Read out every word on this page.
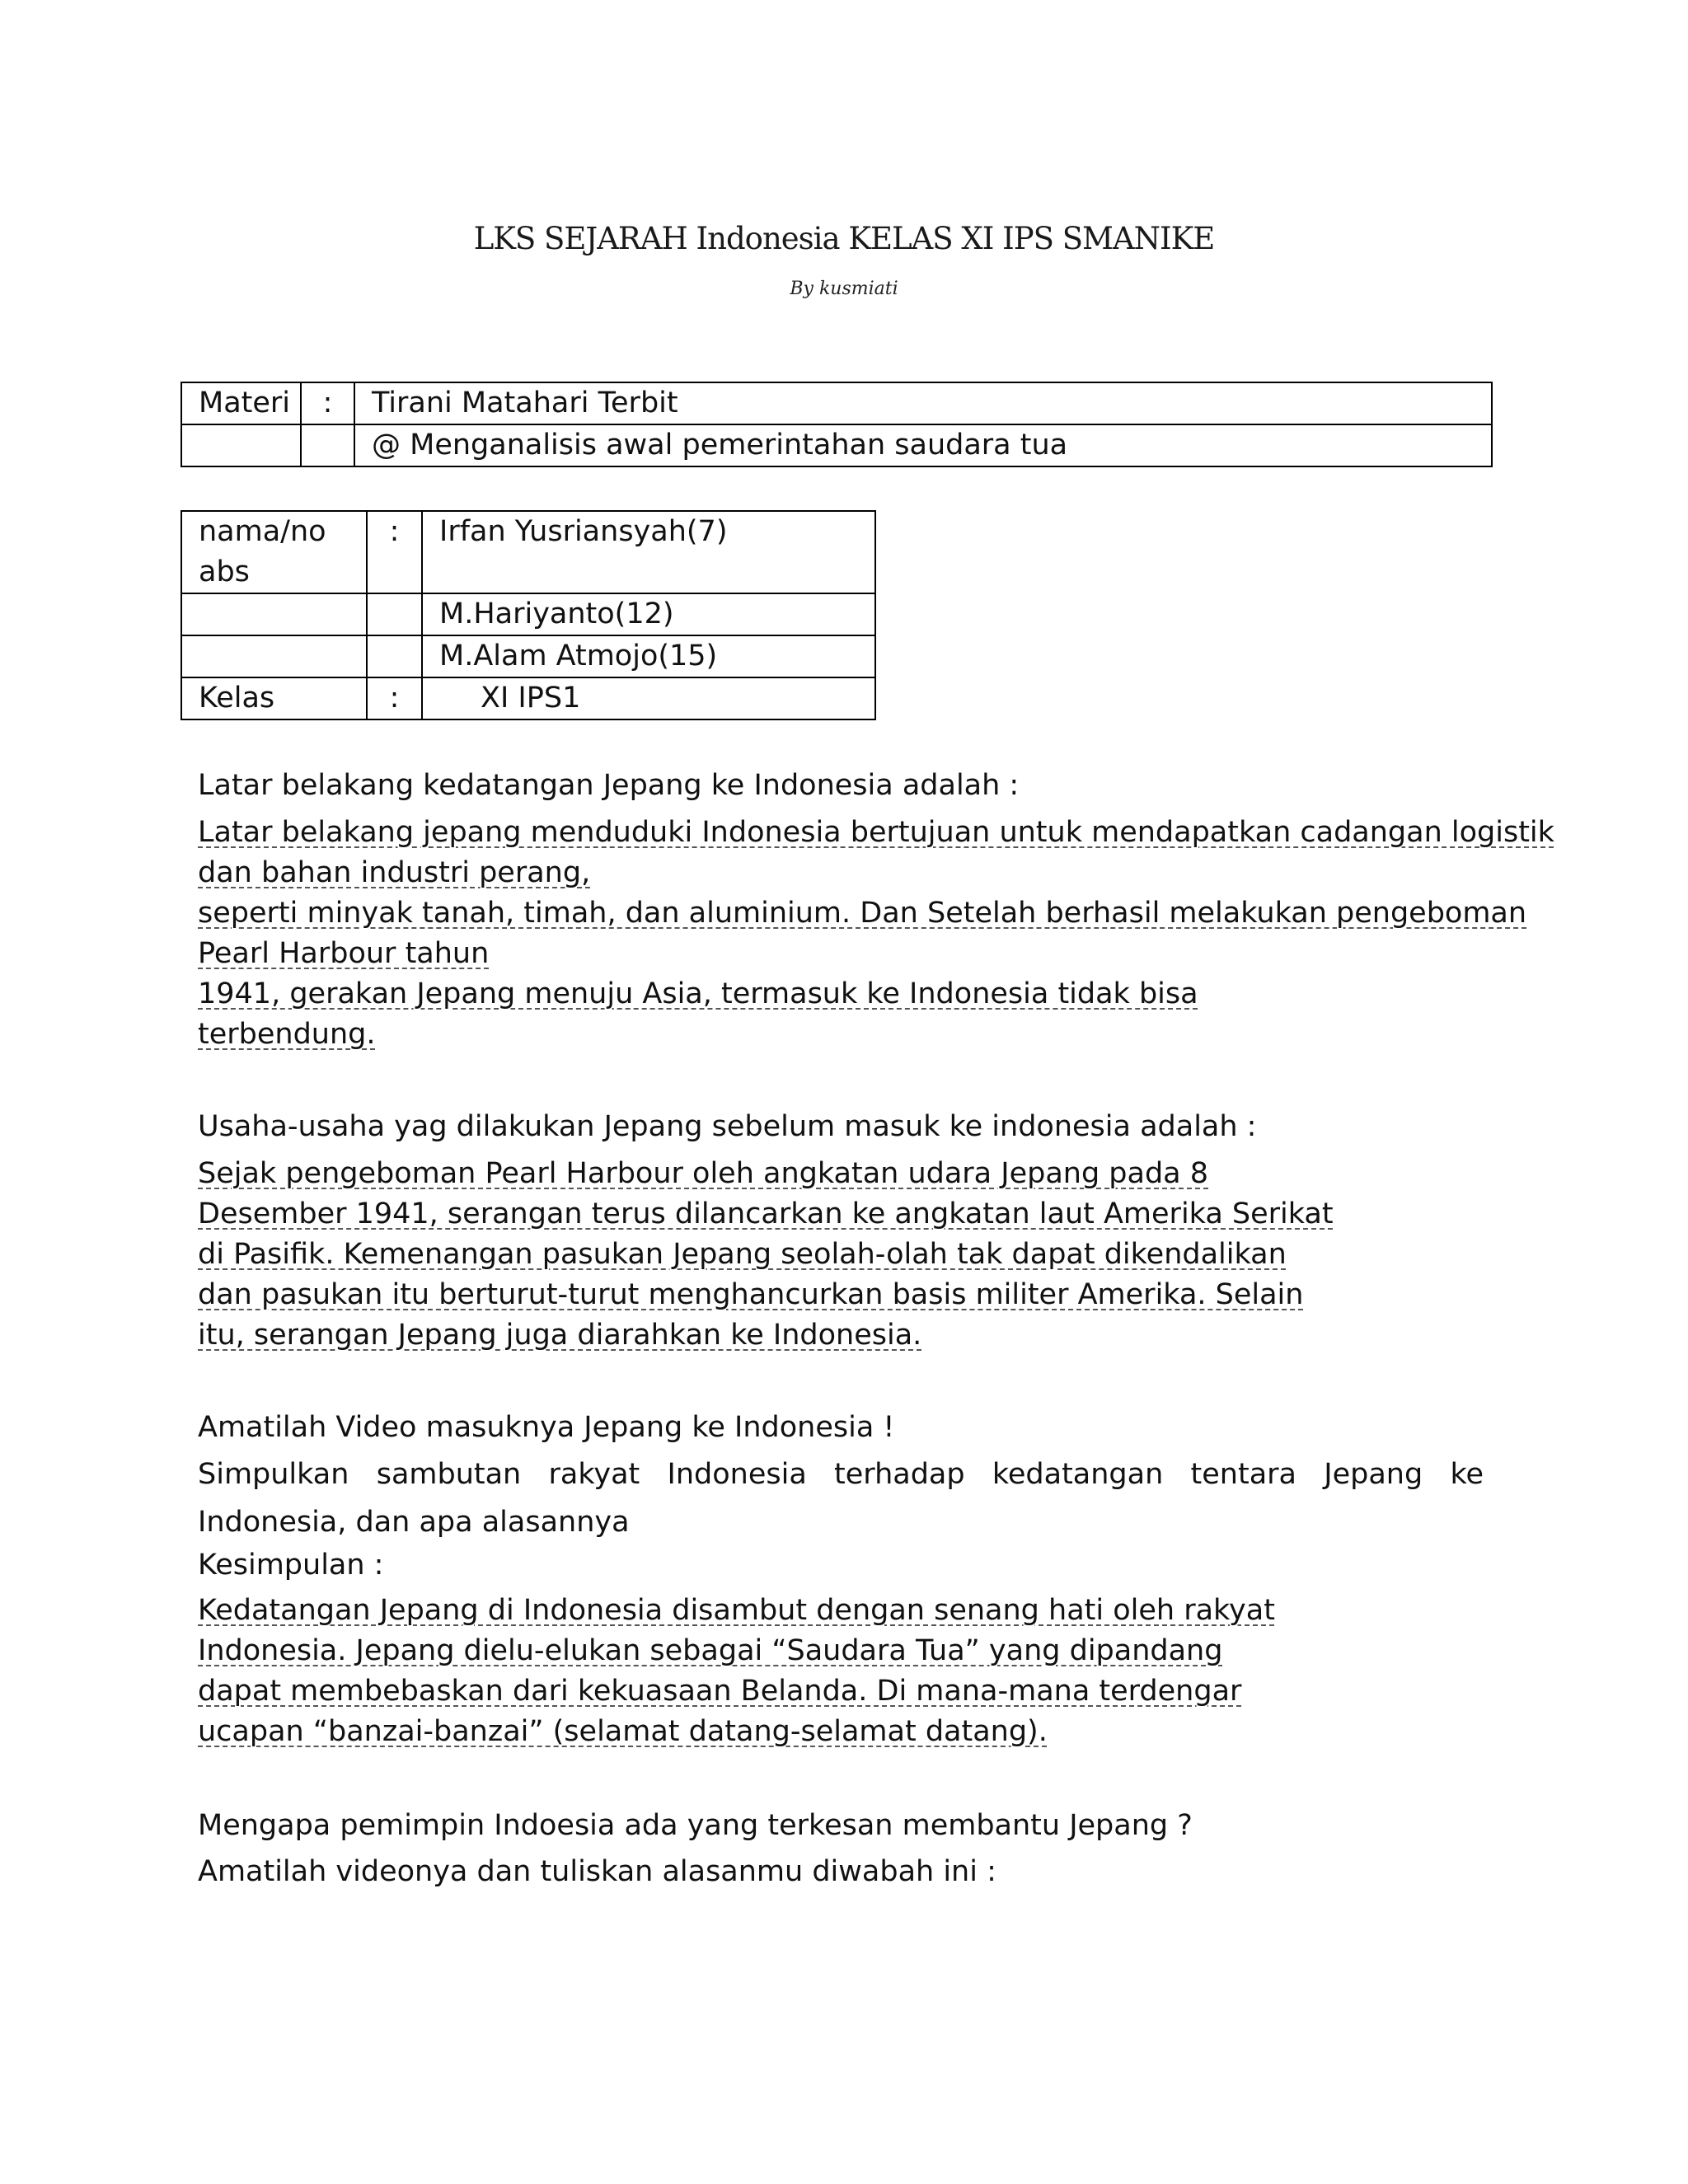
LKS SEJARAH Indonesia KELAS XI IPS SMANIKE
By kusmiati
Materi	:	Tirani Matahari Terbit
		@ Menganalisis awal pemerintahan saudara tua
nama/no abs	:	Irfan Yusriansyah(7)
		M.Hariyanto(12)
		M.Alam Atmojo(15)
Kelas	:	XI IPS1
Latar belakang kedatangan Jepang ke Indonesia adalah :
Latar belakang jepang menduduki Indonesia bertujuan untuk mendapatkan cadangan logistik
dan bahan industri perang,
seperti minyak tanah, timah, dan aluminium. Dan Setelah berhasil melakukan pengeboman
Pearl Harbour tahun
1941, gerakan Jepang menuju Asia, termasuk ke Indonesia tidak bisa
terbendung.
Usaha-usaha yag dilakukan Jepang sebelum masuk ke indonesia adalah :
Sejak pengeboman Pearl Harbour oleh angkatan udara Jepang pada 8
Desember 1941, serangan terus dilancarkan ke angkatan laut Amerika Serikat
di Pasifik. Kemenangan pasukan Jepang seolah-olah tak dapat dikendalikan
dan pasukan itu berturut-turut menghancurkan basis militer Amerika. Selain
itu, serangan Jepang juga diarahkan ke Indonesia.
Amatilah Video masuknya Jepang ke Indonesia !
Simpulkan sambutan rakyat Indonesia terhadap kedatangan tentara Jepang ke Indonesia, dan apa alasannya
Kesimpulan :
Kedatangan Jepang di Indonesia disambut dengan senang hati oleh rakyat
Indonesia. Jepang dielu-elukan sebagai “Saudara Tua” yang dipandang
dapat membebaskan dari kekuasaan Belanda. Di mana-mana terdengar
ucapan “banzai-banzai” (selamat datang-selamat datang).
Mengapa pemimpin Indoesia ada yang terkesan membantu Jepang ?
Amatilah videonya dan tuliskan alasanmu diwabah ini :
